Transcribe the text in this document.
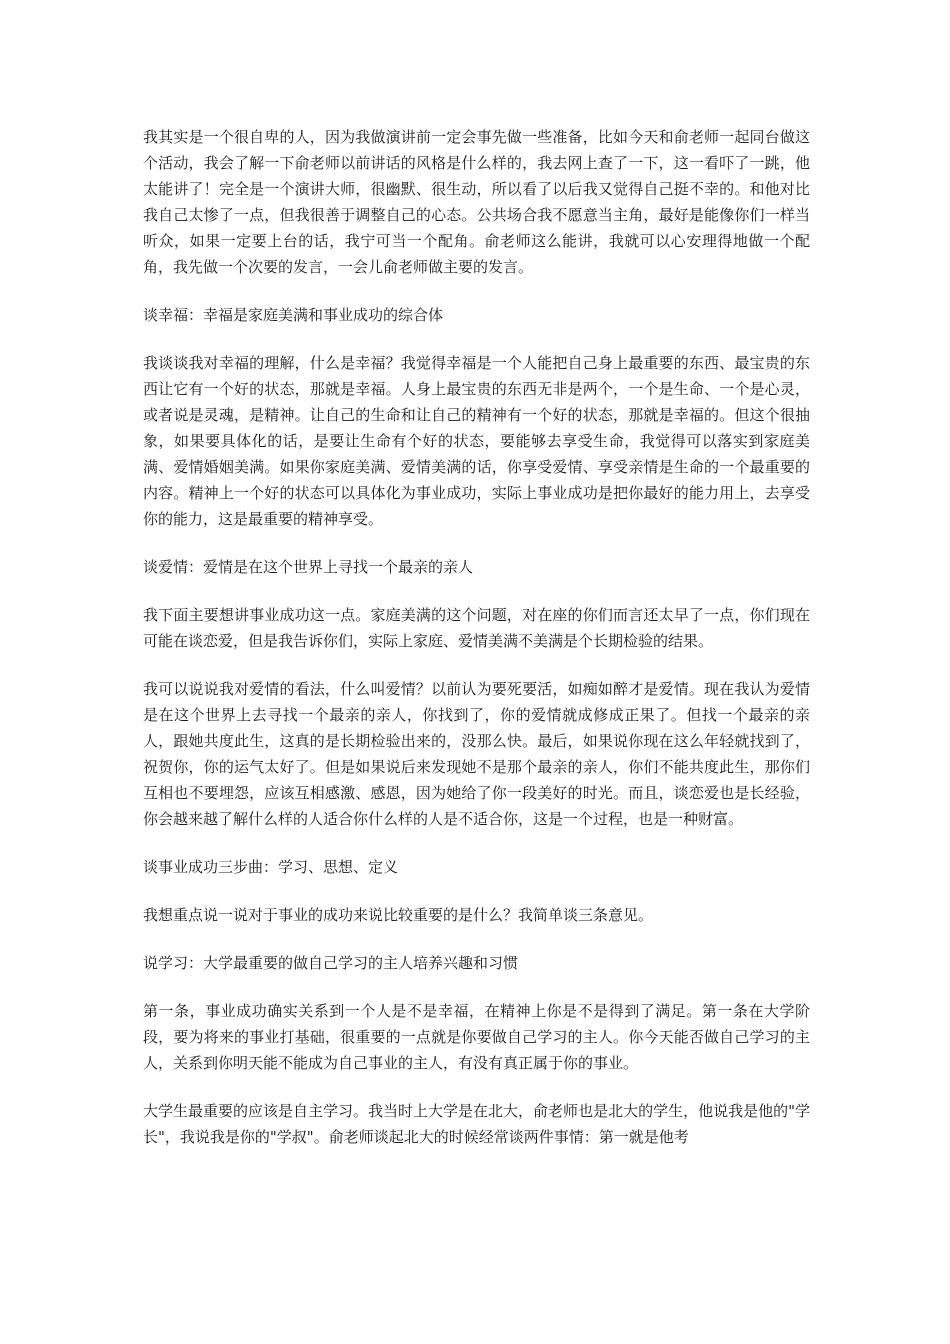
我其实是一个很自卑的人，因为我做演讲前一定会事先做一些准备，比如今天和俞老师一起同台做这个活动，我会了解一下俞老师以前讲话的风格是什么样的，我去网上查了一下，这一看吓了一跳，他太能讲了！完全是一个演讲大师，很幽默、很生动，所以看了以后我又觉得自己挺不幸的。和他对比我自己太惨了一点，但我很善于调整自己的心态。公共场合我不愿意当主角，最好是能像你们一样当听众，如果一定要上台的话，我宁可当一个配角。俞老师这么能讲，我就可以心安理得地做一个配角，我先做一个次要的发言，一会儿俞老师做主要的发言。

谈幸福：幸福是家庭美满和事业成功的综合体

我谈谈我对幸福的理解，什么是幸福？我觉得幸福是一个人能把自己身上最重要的东西、最宝贵的东西让它有一个好的状态，那就是幸福。人身上最宝贵的东西无非是两个，一个是生命、一个是心灵，或者说是灵魂，是精神。让自己的生命和让自己的精神有一个好的状态，那就是幸福的。但这个很抽象，如果要具体化的话，是要让生命有个好的状态，要能够去享受生命，我觉得可以落实到家庭美满、爱情婚姻美满。如果你家庭美满、爱情美满的话，你享受爱情、享受亲情是生命的一个最重要的内容。精神上一个好的状态可以具体化为事业成功，实际上事业成功是把你最好的能力用上，去享受你的能力，这是最重要的精神享受。

谈爱情：爱情是在这个世界上寻找一个最亲的亲人

我下面主要想讲事业成功这一点。家庭美满的这个问题，对在座的你们而言还太早了一点，你们现在可能在谈恋爱，但是我告诉你们，实际上家庭、爱情美满不美满是个长期检验的结果。

我可以说说我对爱情的看法，什么叫爱情？以前认为要死要活，如痴如醉才是爱情。现在我认为爱情是在这个世界上去寻找一个最亲的亲人，你找到了，你的爱情就成修成正果了。但找一个最亲的亲人，跟她共度此生，这真的是长期检验出来的，没那么快。最后，如果说你现在这么年轻就找到了，祝贺你，你的运气太好了。但是如果说后来发现她不是那个最亲的亲人，你们不能共度此生，那你们互相也不要埋怨，应该互相感激、感恩，因为她给了你一段美好的时光。而且，谈恋爱也是长经验，你会越来越了解什么样的人适合你什么样的人是不适合你，这是一个过程，也是一种财富。

谈事业成功三步曲：学习、思想、定义

我想重点说一说对于事业的成功来说比较重要的是什么？我简单谈三条意见。

说学习：大学最重要的做自己学习的主人培养兴趣和习惯

第一条，事业成功确实关系到一个人是不是幸福，在精神上你是不是得到了满足。第一条在大学阶段，要为将来的事业打基础，很重要的一点就是你要做自己学习的主人。你今天能否做自己学习的主人，关系到你明天能不能成为自己事业的主人，有没有真正属于你的事业。

大学生最重要的应该是自主学习。我当时上大学是在北大，俞老师也是北大的学生，他说我是他的"学长"，我说我是你的"学叔"。俞老师谈起北大的时候经常谈两件事情：第一就是他考
